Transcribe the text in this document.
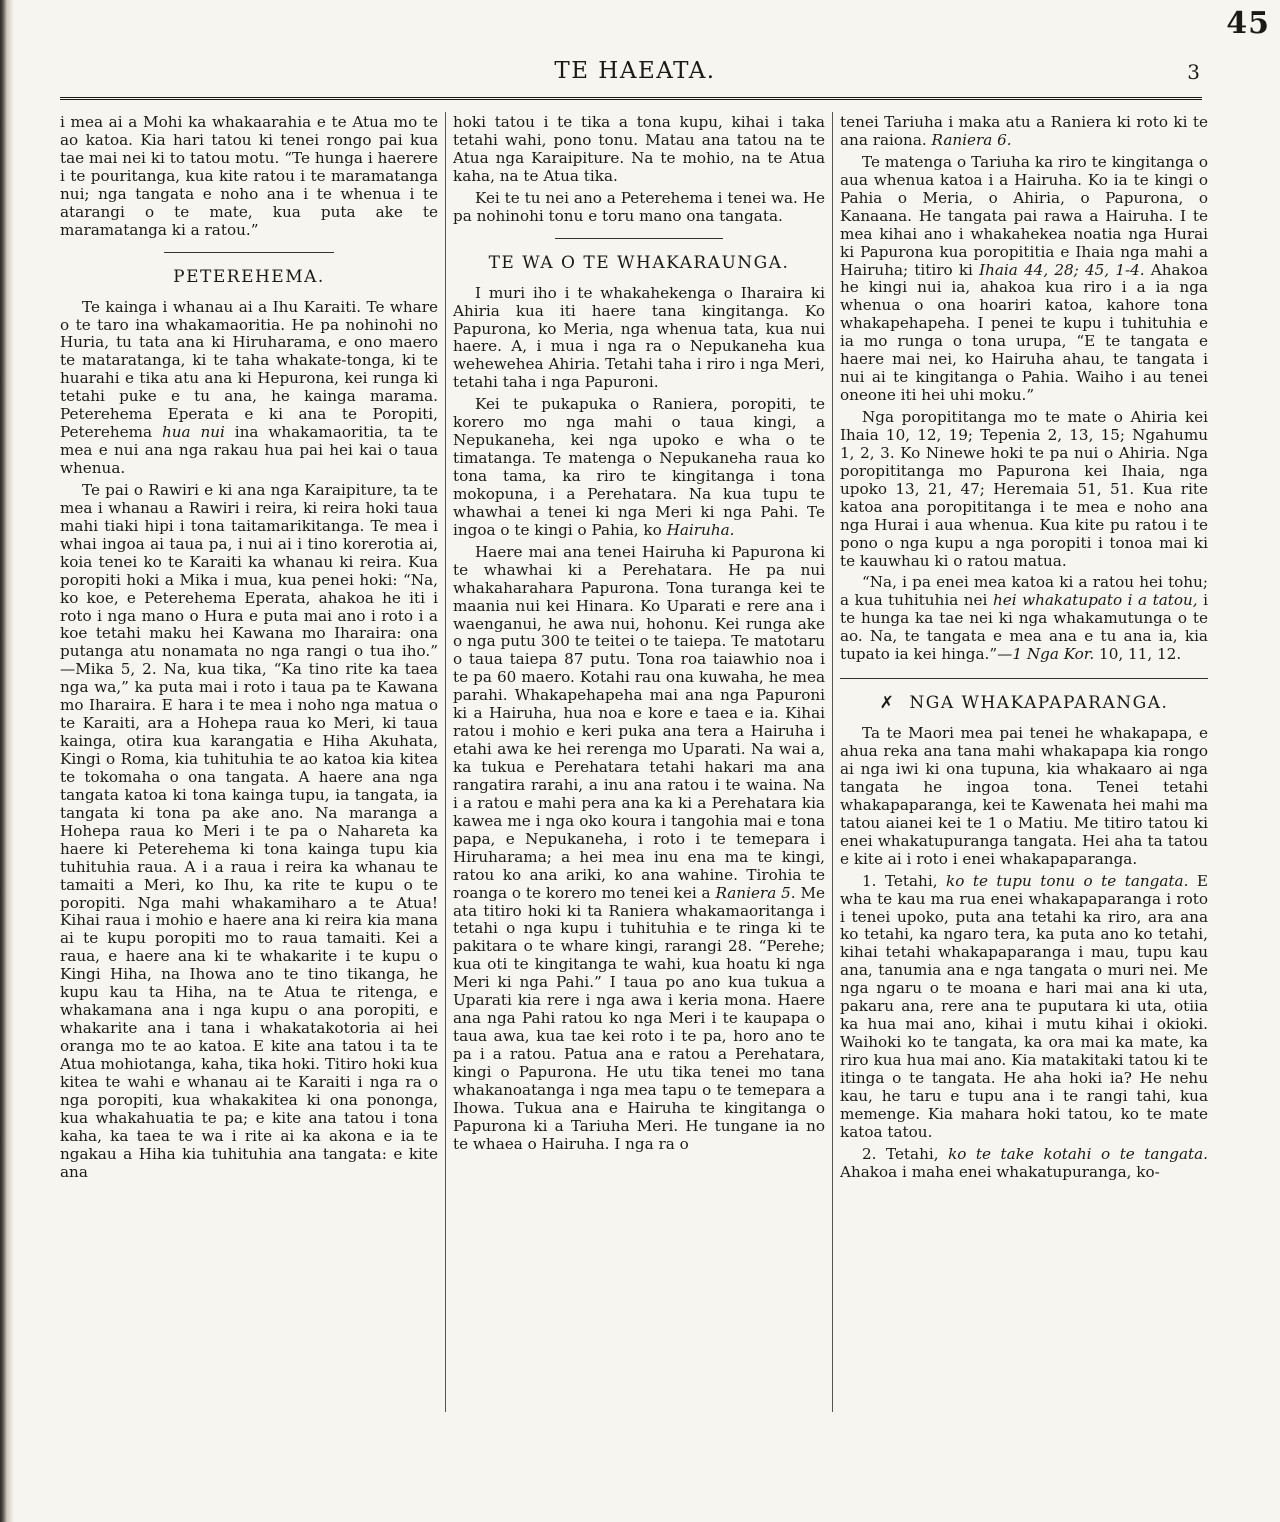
45
TE HAEATA.	3

i mea ai a Mohi ka whakaarahia e te Atua mo te ao katoa. Kia hari tatou ki tenei rongo pai kua tae mai nei ki to tatou motu. “Te hunga i haerere i te pouritanga, kua kite ratou i te maramatanga nui; nga tangata e noho ana i te whenua i te atarangi o te mate, kua puta ake te maramatanga ki a ratou.”

PETEREHEMA.

Te kainga i whanau ai a Ihu Karaiti. Te whare o te taro ina whakamaoritia. He pa nohinohi no Huria, tu tata ana ki Hiruharama, e ono maero te mataratanga, ki te taha whakate-tonga, ki te huarahi e tika atu ana ki Hepurona, kei runga ki tetahi puke e tu ana, he kainga marama. Peterehema Eperata e ki ana te Poropiti, Peterehema hua nui ina whakamaoritia, ta te mea e nui ana nga rakau hua pai hei kai o taua whenua.

Te pai o Rawiri e ki ana nga Karaipiture, ta te mea i whanau a Rawiri i reira, ki reira hoki taua mahi tiaki hipi i tona taitamarikitanga. Te mea i whai ingoa ai taua pa, i nui ai i tino korerotia ai, koia tenei ko te Karaiti ka whanau ki reira. Kua poropiti hoki a Mika i mua, kua penei hoki: “Na, ko koe, e Peterehema Eperata, ahakoa he iti i roto i nga mano o Hura e puta mai ano i roto i a koe tetahi maku hei Kawana mo Iharaira: ona putanga atu nonamata no nga rangi o tua iho.” —Mika 5, 2. Na, kua tika, “Ka tino rite ka taea nga wa,” ka puta mai i roto i taua pa te Kawana mo Iharaira. E hara i te mea i noho nga matua o te Karaiti, ara a Hohepa raua ko Meri, ki taua kainga, otira kua karangatia e Hiha Akuhata, Kingi o Roma, kia tuhituhia te ao katoa kia kitea te tokomaha o ona tangata. A haere ana nga tangata katoa ki tona kainga tupu, ia tangata, ia tangata ki tona pa ake ano. Na maranga a Hohepa raua ko Meri i te pa o Nahareta ka haere ki Peterehema ki tona kainga tupu kia tuhituhia raua. A i a raua i reira ka whanau te tamaiti a Meri, ko Ihu, ka rite te kupu o te poropiti. Nga mahi whakamiharo a te Atua! Kihai raua i mohio e haere ana ki reira kia mana ai te kupu poropiti mo to raua tamaiti. Kei a raua, e haere ana ki te whakarite i te kupu o Kingi Hiha, na Ihowa ano te tino tikanga, he kupu kau ta Hiha, na te Atua te ritenga, e whakamana ana i nga kupu o ana poropiti, e whakarite ana i tana i whakatakotoria ai hei oranga mo te ao katoa. E kite ana tatou i ta te Atua mohiotanga, kaha, tika hoki. Titiro hoki kua kitea te wahi e whanau ai te Karaiti i nga ra o nga poropiti, kua whakakitea ki ona pononga, kua whakahuatia te pa; e kite ana tatou i tona kaha, ka taea te wa i rite ai ka akona e ia te ngakau a Hiha kia tuhituhia ana tangata: e kite ana

hoki tatou i te tika a tona kupu, kihai i taka tetahi wahi, pono tonu. Matau ana tatou na te Atua nga Karaipiture. Na te mohio, na te Atua kaha, na te Atua tika.

Kei te tu nei ano a Peterehema i tenei wa. He pa nohinohi tonu e toru mano ona tangata.

TE WA O TE WHAKARAUNGA.

I muri iho i te whakahekenga o Iharaira ki Ahiria kua iti haere tana kingitanga. Ko Papurona, ko Meria, nga whenua tata, kua nui haere. A, i mua i nga ra o Nepukaneha kua wehewehea Ahiria. Tetahi taha i riro i nga Meri, tetahi taha i nga Papuroni.

Kei te pukapuka o Raniera, poropiti, te korero mo nga mahi o taua kingi, a Nepukaneha, kei nga upoko e wha o te timatanga. Te matenga o Nepukaneha raua ko tona tama, ka riro te kingitanga i tona mokopuna, i a Perehatara. Na kua tupu te whawhai a tenei ki nga Meri ki nga Pahi. Te ingoa o te kingi o Pahia, ko Hairuha.

Haere mai ana tenei Hairuha ki Papurona ki te whawhai ki a Perehatara. He pa nui whakaharahara Papurona. Tona turanga kei te maania nui kei Hinara. Ko Uparati e rere ana i waenganui, he awa nui, hohonu. Kei runga ake o nga putu 300 te teitei o te taiepa. Te matotaru o taua taiepa 87 putu. Tona roa taiawhio noa i te pa 60 maero. Kotahi rau ona kuwaha, he mea parahi. Whakapehapeha mai ana nga Papuroni ki a Hairuha, hua noa e kore e taea e ia. Kihai ratou i mohio e keri puka ana tera a Hairuha i etahi awa ke hei rerenga mo Uparati. Na wai a, ka tukua e Perehatara tetahi hakari ma ana rangatira rarahi, a inu ana ratou i te waina. Na i a ratou e mahi pera ana ka ki a Perehatara kia kawea me i nga oko koura i tangohia mai e tona papa, e Nepukaneha, i roto i te temepara i Hiruharama; a hei mea inu ena ma te kingi, ratou ko ana ariki, ko ana wahine. Tirohia te roanga o te korero mo tenei kei a Raniera 5. Me ata titiro hoki ki ta Raniera whakamaoritanga i tetahi o nga kupu i tuhituhia e te ringa ki te pakitara o te whare kingi, rarangi 28. “Perehe; kua oti te kingitanga te wahi, kua hoatu ki nga Meri ki nga Pahi.” I taua po ano kua tukua a Uparati kia rere i nga awa i keria mona. Haere ana nga Pahi ratou ko nga Meri i te kaupapa o taua awa, kua tae kei roto i te pa, horo ano te pa i a ratou. Patua ana e ratou a Perehatara, kingi o Papurona. He utu tika tenei mo tana whakanoatanga i nga mea tapu o te temepara a Ihowa. Tukua ana e Hairuha te kingitanga o Papurona ki a Tariuha Meri. He tungane ia no te whaea o Hairuha. I nga ra o

tenei Tariuha i maka atu a Raniera ki roto ki te ana raiona. Raniera 6.

Te matenga o Tariuha ka riro te kingitanga o aua whenua katoa i a Hairuha. Ko ia te kingi o Pahia o Meria, o Ahiria, o Papurona, o Kanaana. He tangata pai rawa a Hairuha. I te mea kihai ano i whakahekea noatia nga Hurai ki Papurona kua poropititia e Ihaia nga mahi a Hairuha; titiro ki Ihaia 44, 28; 45, 1-4. Ahakoa he kingi nui ia, ahakoa kua riro i a ia nga whenua o ona hoariri katoa, kahore tona whakapehapeha. I penei te kupu i tuhituhia e ia mo runga o tona urupa, “E te tangata e haere mai nei, ko Hairuha ahau, te tangata i nui ai te kingitanga o Pahia. Waiho i au tenei oneone iti hei uhi moku.”

Nga poropititanga mo te mate o Ahiria kei Ihaia 10, 12, 19; Tepenia 2, 13, 15; Ngahumu 1, 2, 3. Ko Ninewe hoki te pa nui o Ahiria. Nga poropititanga mo Papurona kei Ihaia, nga upoko 13, 21, 47; Heremaia 51, 51. Kua rite katoa ana poropititanga i te mea e noho ana nga Hurai i aua whenua. Kua kite pu ratou i te pono o nga kupu a nga poropiti i tonoa mai ki te kauwhau ki o ratou matua.

“Na, i pa enei mea katoa ki a ratou hei tohu; a kua tuhituhia nei hei whakatupato i a tatou, i te hunga ka tae nei ki nga whakamutunga o te ao. Na, te tangata e mea ana e tu ana ia, kia tupato ia kei hinga.”—1 Nga Kor. 10, 11, 12.

✗ NGA WHAKAPAPARANGA.

Ta te Maori mea pai tenei he whakapapa, e ahua reka ana tana mahi whakapapa kia rongo ai nga iwi ki ona tupuna, kia whakaaro ai nga tangata he ingoa tona. Tenei tetahi whakapaparanga, kei te Kawenata hei mahi ma tatou aianei kei te 1 o Matiu. Me titiro tatou ki enei whakatupuranga tangata. Hei aha ta tatou e kite ai i roto i enei whakapaparanga.

1. Tetahi, ko te tupu tonu o te tangata. E wha te kau ma rua enei whakapaparanga i roto i tenei upoko, puta ana tetahi ka riro, ara ana ko tetahi, ka ngaro tera, ka puta ano ko tetahi, kihai tetahi whakapaparanga i mau, tupu kau ana, tanumia ana e nga tangata o muri nei. Me nga ngaru o te moana e hari mai ana ki uta, pakaru ana, rere ana te puputara ki uta, otiia ka hua mai ano, kihai i mutu kihai i okioki. Waihoki ko te tangata, ka ora mai ka mate, ka riro kua hua mai ano. Kia matakitaki tatou ki te itinga o te tangata. He aha hoki ia? He nehu kau, he taru e tupu ana i te rangi tahi, kua memenge. Kia mahara hoki tatou, ko te mate katoa tatou.

2. Tetahi, ko te take kotahi o te tangata. Ahakoa i maha enei whakatupuranga, ko-
